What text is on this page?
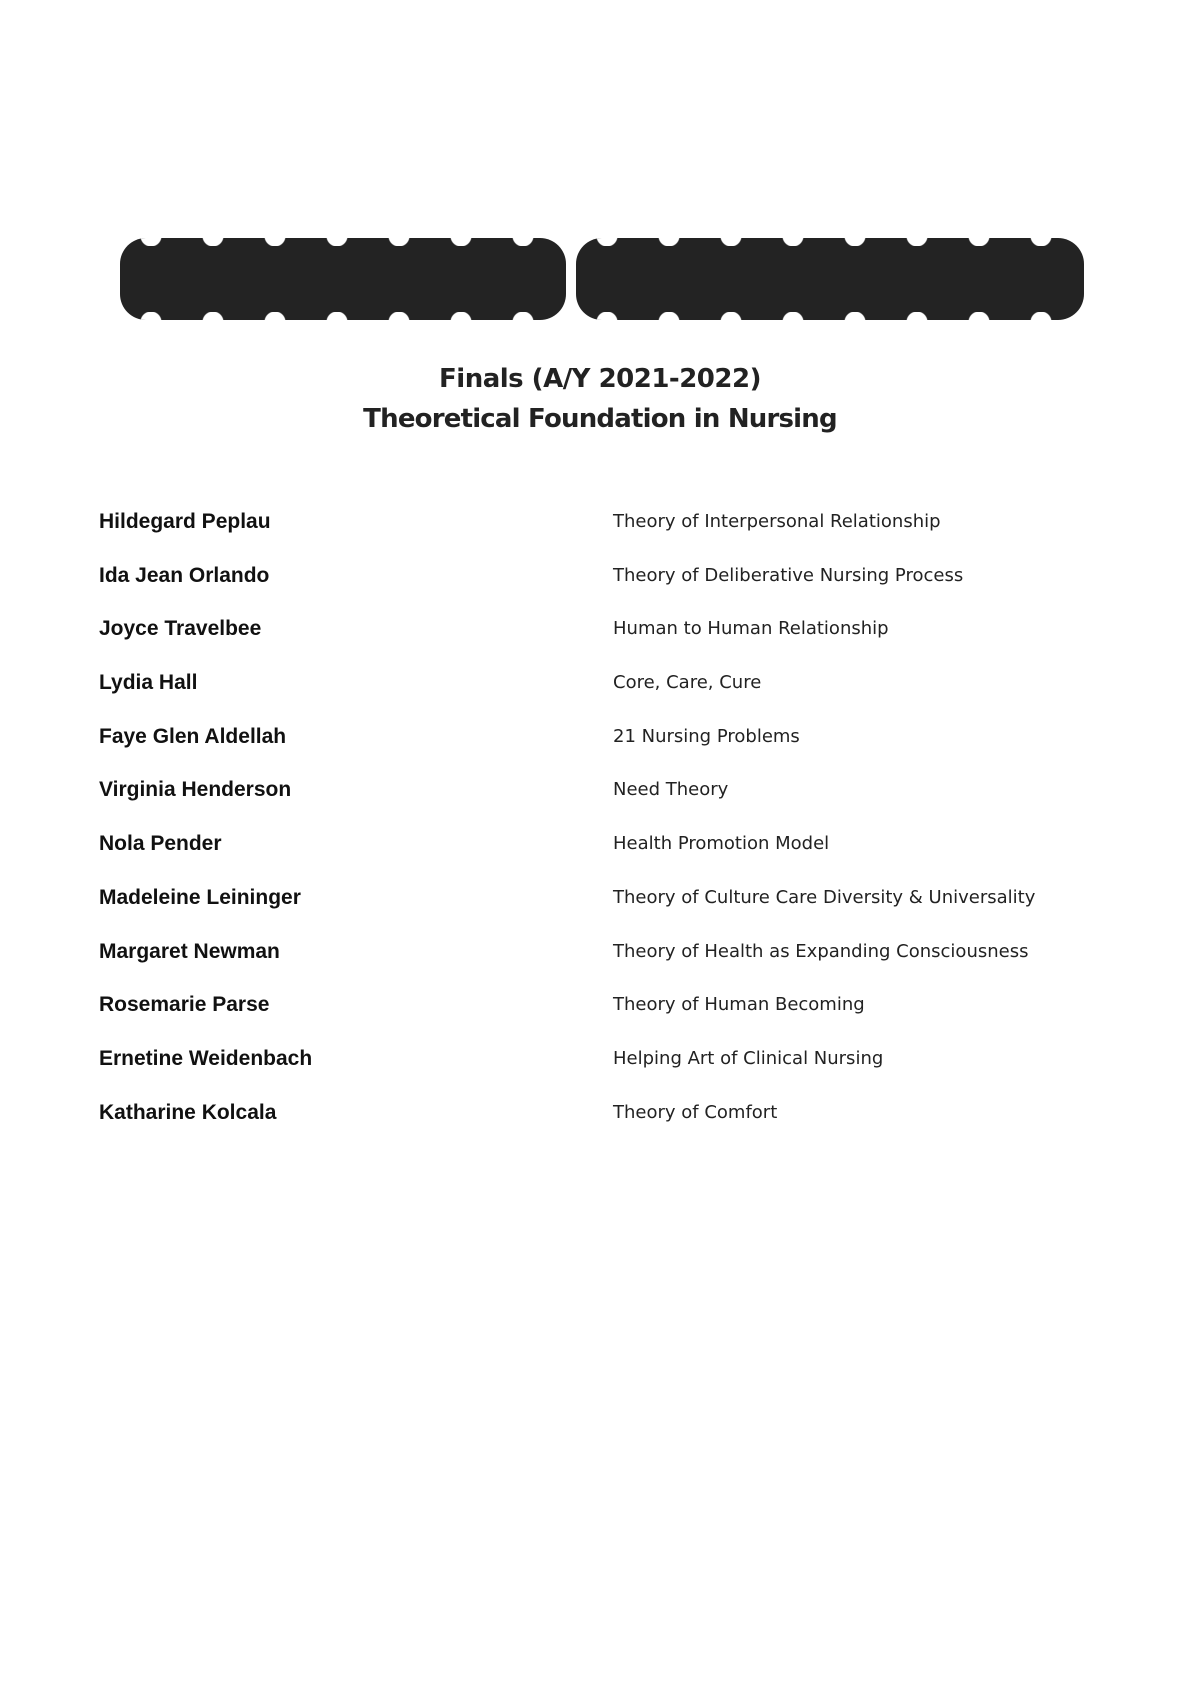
Finals (A/Y 2021-2022)
Theoretical Foundation in Nursing
Hildegard Peplau	Theory of Interpersonal Relationship
Ida Jean Orlando	Theory of Deliberative Nursing Process
Joyce Travelbee	Human to Human Relationship
Lydia Hall	Core, Care, Cure
Faye Glen Aldellah	21 Nursing Problems
Virginia Henderson	Need Theory
Nola Pender	Health Promotion Model
Madeleine Leininger	Theory of Culture Care Diversity & Universality
Margaret Newman	Theory of Health as Expanding Consciousness
Rosemarie Parse	Theory of Human Becoming
Ernetine Weidenbach	Helping Art of Clinical Nursing
Katharine Kolcala	Theory of Comfort
